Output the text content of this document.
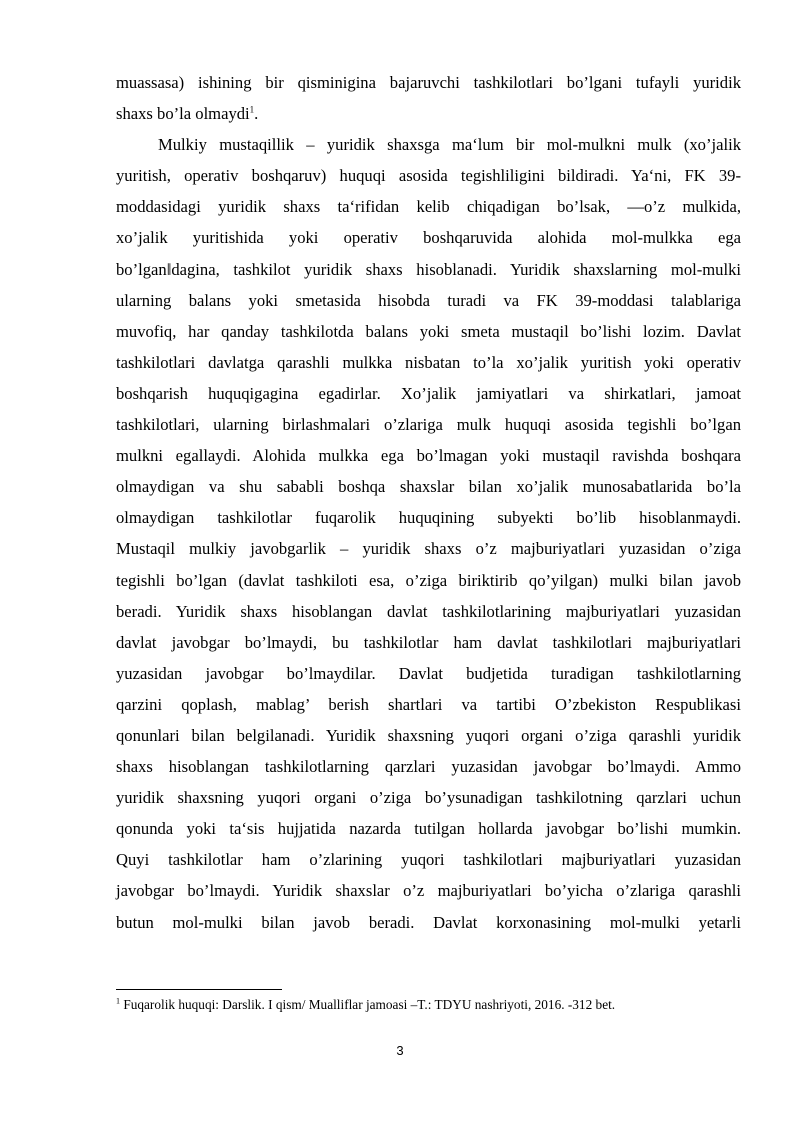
muassasa) ishining bir qisminigina bajaruvchi tashkilotlari bo’lgani tufayli yuridik
shaxs bo’la olmaydi$^1$.
Mulkiy mustaqillik – yuridik shaxsga ma‘lum bir mol-mulkni mulk (xo’jalik
yuritish, operativ boshqaruv) huquqi asosida tegishliligini bildiradi. Ya‘ni, FK 39-
moddasidagi yuridik shaxs ta‘rifidan kelib chiqadigan bo’lsak, ―o’z mulkida,
xo’jalik yuritishida yoki operativ boshqaruvida alohida mol-mulkka ega
bo’lganǁdagina, tashkilot yuridik shaxs hisoblanadi. Yuridik shaxslarning mol-mulki
ularning balans yoki smetasida hisobda turadi va FK 39-moddasi talablariga
muvofiq, har qanday tashkilotda balans yoki smeta mustaqil bo’lishi lozim. Davlat
tashkilotlari davlatga qarashli mulkka nisbatan to’la xo’jalik yuritish yoki operativ
boshqarish huquqigagina egadirlar. Xo’jalik jamiyatlari va shirkatlari, jamoat
tashkilotlari, ularning birlashmalari o’zlariga mulk huquqi asosida tegishli bo’lgan
mulkni egallaydi. Alohida mulkka ega bo’lmagan yoki mustaqil ravishda boshqara
olmaydigan va shu sababli boshqa shaxslar bilan xo’jalik munosabatlarida bo’la
olmaydigan tashkilotlar fuqarolik huquqining subyekti bo’lib hisoblanmaydi.
Mustaqil mulkiy javobgarlik – yuridik shaxs o’z majburiyatlari yuzasidan o’ziga
tegishli bo’lgan (davlat tashkiloti esa, o’ziga biriktirib qo’yilgan) mulki bilan javob
beradi. Yuridik shaxs hisoblangan davlat tashkilotlarining majburiyatlari yuzasidan
davlat javobgar bo’lmaydi, bu tashkilotlar ham davlat tashkilotlari majburiyatlari
yuzasidan javobgar bo’lmaydilar. Davlat budjetida turadigan tashkilotlarning
qarzini qoplash, mablag’ berish shartlari va tartibi O’zbekiston Respublikasi
qonunlari bilan belgilanadi. Yuridik shaxsning yuqori organi o’ziga qarashli yuridik
shaxs hisoblangan tashkilotlarning qarzlari yuzasidan javobgar bo’lmaydi. Ammo
yuridik shaxsning yuqori organi o’ziga bo’ysunadigan tashkilotning qarzlari uchun
qonunda yoki ta‘sis hujjatida nazarda tutilgan hollarda javobgar bo’lishi mumkin.
Quyi tashkilotlar ham o’zlarining yuqori tashkilotlari majburiyatlari yuzasidan
javobgar bo’lmaydi. Yuridik shaxslar o’z majburiyatlari bo’yicha o’zlariga qarashli
butun mol-mulki bilan javob beradi. Davlat korxonasining mol-mulki yetarli
$^1$ Fuqarolik huquqi: Darslik. I qism/ Mualliflar jamoasi –T.: TDYU nashriyoti, 2016. -312 bet.
3
